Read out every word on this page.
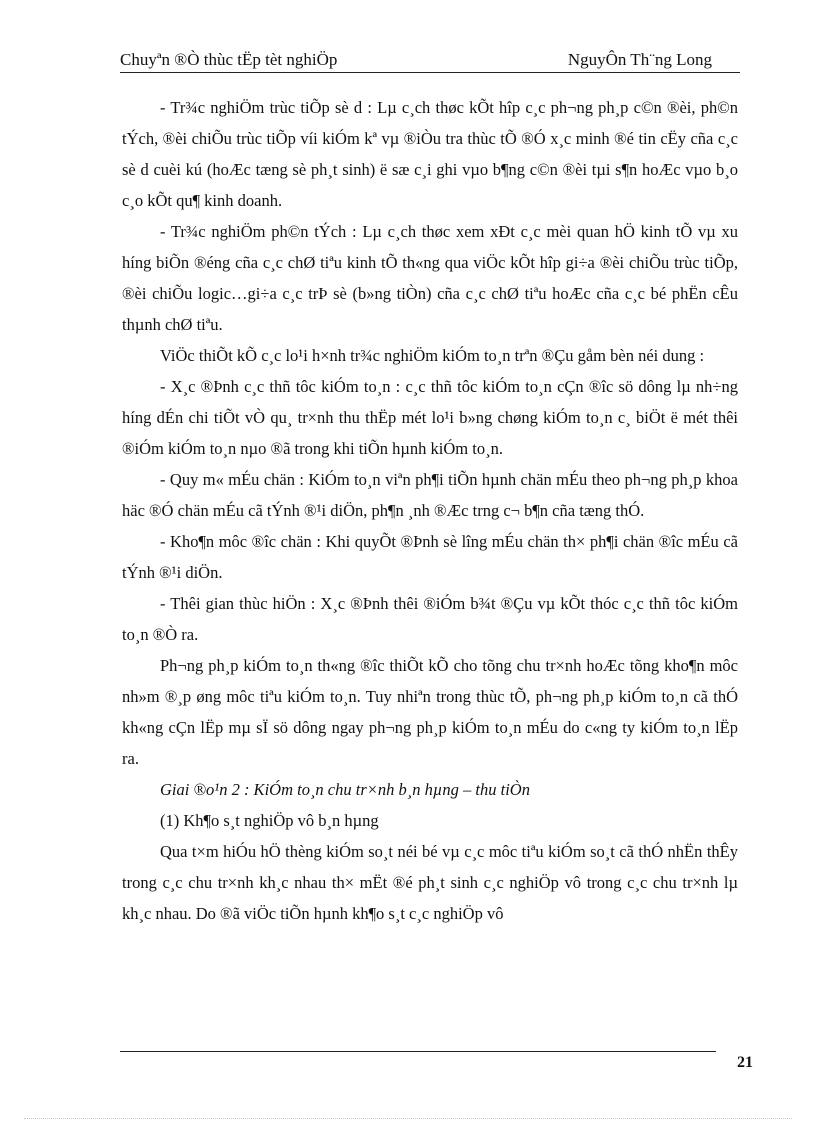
Chuyªn ®Ò thùc tËp tèt nghiÖp	NguyÔn Th¨ng Long

- Tr¾c nghiÖm trùc tiÕp sè d : Lµ c¸ch thøc kÕt hîp c¸c ph¬ng ph¸p c©n ®èi, ph©n tÝch, ®èi chiÕu trùc tiÕp víi kiÓm kª vµ ®iÒu tra thùc tÕ ®Ó x¸c minh ®é tin cËy cña c¸c sè d cuèi kú (hoÆc tæng sè ph¸t sinh) ë sæ c¸i ghi vµo b¶ng c©n ®èi tµi s¶n hoÆc vµo b¸o c¸o kÕt qu¶ kinh doanh.

- Tr¾c nghiÖm ph©n tÝch : Lµ c¸ch thøc xem xÐt c¸c mèi quan hÖ kinh tÕ vµ xu híng biÕn ®éng cña c¸c chØ tiªu kinh tÕ th«ng qua viÖc kÕt hîp gi÷a ®èi chiÕu trùc tiÕp, ®èi chiÕu logic…gi÷a c¸c trÞ sè (b»ng tiÒn) cña c¸c chØ tiªu hoÆc cña c¸c bé phËn cÊu thµnh chØ tiªu.

ViÖc thiÕt kÕ c¸c lo¹i h×nh tr¾c nghiÖm kiÓm to¸n trªn ®Çu gåm bèn néi dung :

- X¸c ®Þnh c¸c thñ tôc kiÓm to¸n : c¸c thñ tôc kiÓm to¸n cÇn ®îc sö dông lµ nh÷ng híng dÉn chi tiÕt vÒ qu¸ tr×nh thu thËp mét lo¹i b»ng chøng kiÓm to¸n c¸ biÖt ë mét thêi ®iÓm kiÓm to¸n nµo ®ã trong khi tiÕn hµnh kiÓm to¸n.

- Quy m« mÉu chän : KiÓm to¸n viªn ph¶i tiÕn hµnh chän mÉu theo ph¬ng ph¸p khoa häc ®Ó chän mÉu cã tÝnh ®¹i diÖn, ph¶n ¸nh ®Æc trng c¬ b¶n cña tæng thÓ.

- Kho¶n môc ®îc chän : Khi quyÕt ®Þnh sè lîng mÉu chän th× ph¶i chän ®îc mÉu cã tÝnh ®¹i diÖn.

- Thêi gian thùc hiÖn : X¸c ®Þnh thêi ®iÓm b¾t ®Çu vµ kÕt thóc c¸c thñ tôc kiÓm to¸n ®Ò ra.

Ph¬ng ph¸p kiÓm to¸n th«ng ®îc thiÕt kÕ cho tõng chu tr×nh hoÆc tõng kho¶n môc nh»m ®¸p øng môc tiªu kiÓm to¸n. Tuy nhiªn trong thùc tÕ, ph¬ng ph¸p kiÓm to¸n cã thÓ kh«ng cÇn lËp mµ sÏ sö dông ngay ph¬ng ph¸p kiÓm to¸n mÉu do c«ng ty kiÓm to¸n lËp ra.

Giai ®o¹n 2 : KiÓm to¸n chu tr×nh b¸n hµng – thu tiÒn

(1) Kh¶o s¸t nghiÖp vô b¸n hµng

Qua t×m hiÓu hÖ thèng kiÓm so¸t néi bé vµ c¸c môc tiªu kiÓm so¸t cã thÓ nhËn thÊy trong c¸c chu tr×nh kh¸c nhau th× mËt ®é ph¸t sinh c¸c nghiÖp vô trong c¸c chu tr×nh lµ kh¸c nhau. Do ®ã viÖc tiÕn hµnh kh¶o s¸t c¸c nghiÖp vô

21
